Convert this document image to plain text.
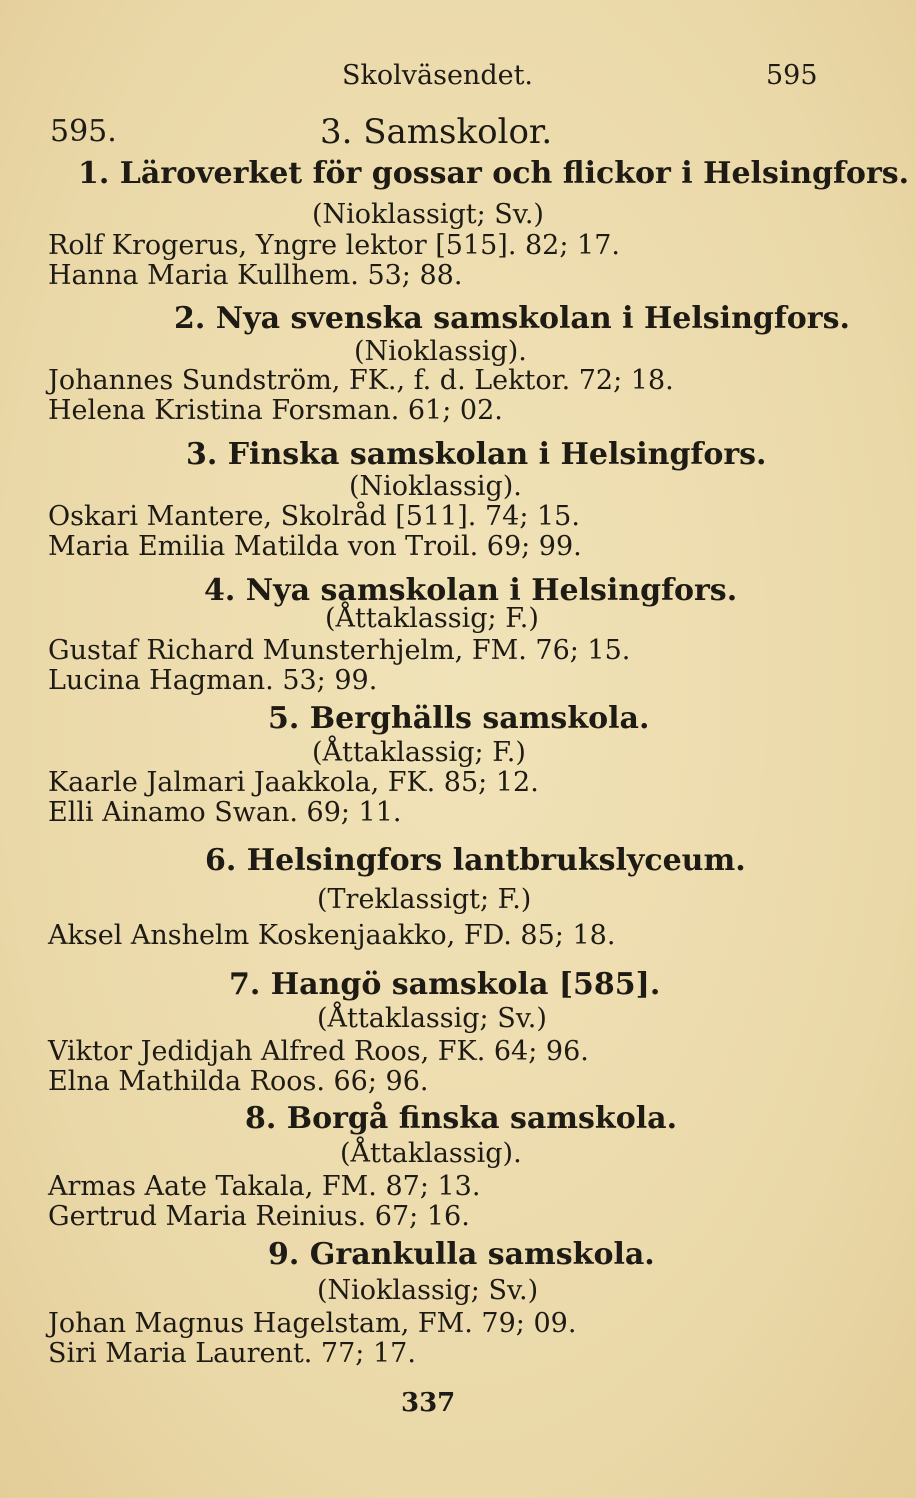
Skolväsendet.	595
595.	3. Samskolor.
1. Läroverket för gossar och flickor i Helsingfors.
(Nioklassigt; Sv.)
Rolf Krogerus, Yngre lektor [515]. 82; 17.
Hanna Maria Kullhem. 53; 88.
2. Nya svenska samskolan i Helsingfors.
(Nioklassig).
Johannes Sundström, FK., f. d. Lektor. 72; 18.
Helena Kristina Forsman. 61; 02.
3. Finska samskolan i Helsingfors.
(Nioklassig).
Oskari Mantere, Skolråd [511]. 74; 15.
Maria Emilia Matilda von Troil. 69; 99.
4. Nya samskolan i Helsingfors.
(Åttaklassig; F.)
Gustaf Richard Munsterhjelm, FM. 76; 15.
Lucina Hagman. 53; 99.
5. Berghälls samskola.
(Åttaklassig; F.)
Kaarle Jalmari Jaakkola, FK. 85; 12.
Elli Ainamo Swan. 69; 11.
6. Helsingfors lantbrukslyceum.
(Treklassigt; F.)
Aksel Anshelm Koskenjaakko, FD. 85; 18.
7. Hangö samskola [585].
(Åttaklassig; Sv.)
Viktor Jedidjah Alfred Roos, FK. 64; 96.
Elna Mathilda Roos. 66; 96.
8. Borgå finska samskola.
(Åttaklassig).
Armas Aate Takala, FM. 87; 13.
Gertrud Maria Reinius. 67; 16.
9. Grankulla samskola.
(Nioklassig; Sv.)
Johan Magnus Hagelstam, FM. 79; 09.
Siri Maria Laurent. 77; 17.
337
